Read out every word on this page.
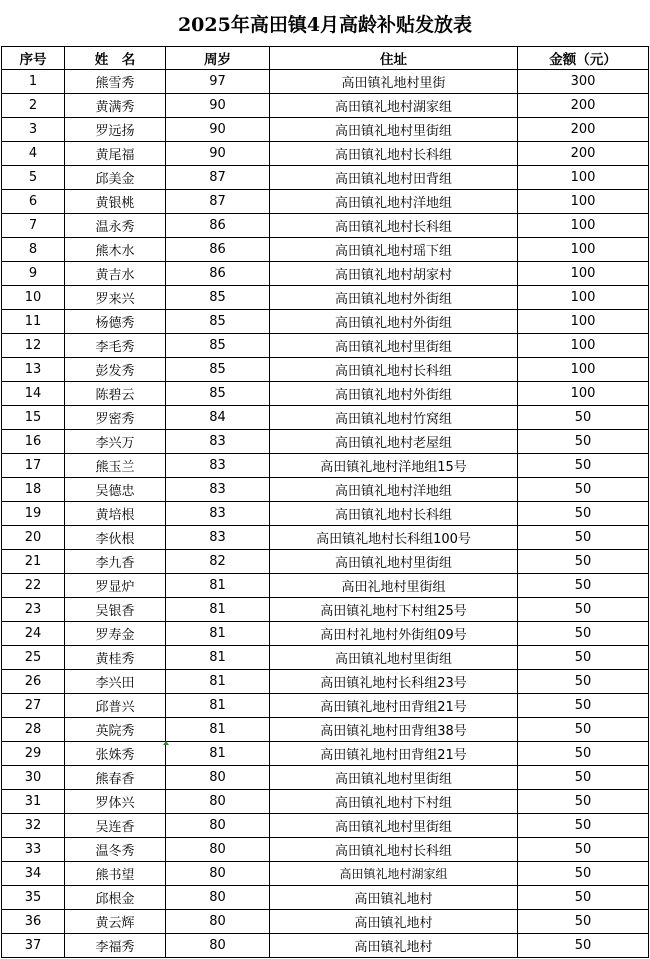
2025年高田镇4月高龄补贴发放表
序号	姓　名	周岁	住址	金额（元）
1	熊雪秀	97	高田镇礼地村里街	300
2	黄满秀	90	高田镇礼地村湖家组	200
3	罗远扬	90	高田镇礼地村里街组	200
4	黄尾福	90	高田镇礼地村长科组	200
5	邱美金	87	高田镇礼地村田背组	100
6	黄银桃	87	高田镇礼地村洋地组	100
7	温永秀	86	高田镇礼地村长科组	100
8	熊木水	86	高田镇礼地村瑶下组	100
9	黄吉水	86	高田镇礼地村胡家村	100
10	罗来兴	85	高田镇礼地村外街组	100
11	杨德秀	85	高田镇礼地村外街组	100
12	李毛秀	85	高田镇礼地村里街组	100
13	彭发秀	85	高田镇礼地村长科组	100
14	陈碧云	85	高田镇礼地村外街组	100
15	罗密秀	84	高田镇礼地村竹窝组	50
16	李兴万	83	高田镇礼地村老屋组	50
17	熊玉兰	83	高田镇礼地村洋地组15号	50
18	吴德忠	83	高田镇礼地村洋地组	50
19	黄培根	83	高田镇礼地村长科组	50
20	李伙根	83	高田镇礼地村长科组100号	50
21	李九香	82	高田镇礼地村里街组	50
22	罗显炉	81	高田礼地村里街组	50
23	吴银香	81	高田镇礼地村下村组25号	50
24	罗寿金	81	高田村礼地村外街组09号	50
25	黄桂秀	81	高田镇礼地村里街组	50
26	李兴田	81	高田镇礼地村长科组23号	50
27	邱普兴	81	高田镇礼地村田背组21号	50
28	英院秀	81	高田镇礼地村田背组38号	50
29	张姝秀	81	高田镇礼地村田背组21号	50
30	熊春香	80	高田镇礼地村里街组	50
31	罗体兴	80	高田镇礼地村下村组	50
32	吴连香	80	高田镇礼地村里街组	50
33	温冬秀	80	高田镇礼地村长科组	50
34	熊书望	80	高田镇礼地村湖家组	50
35	邱根金	80	高田镇礼地村	50
36	黄云辉	80	高田镇礼地村	50
37	李福秀	80	高田镇礼地村	50
